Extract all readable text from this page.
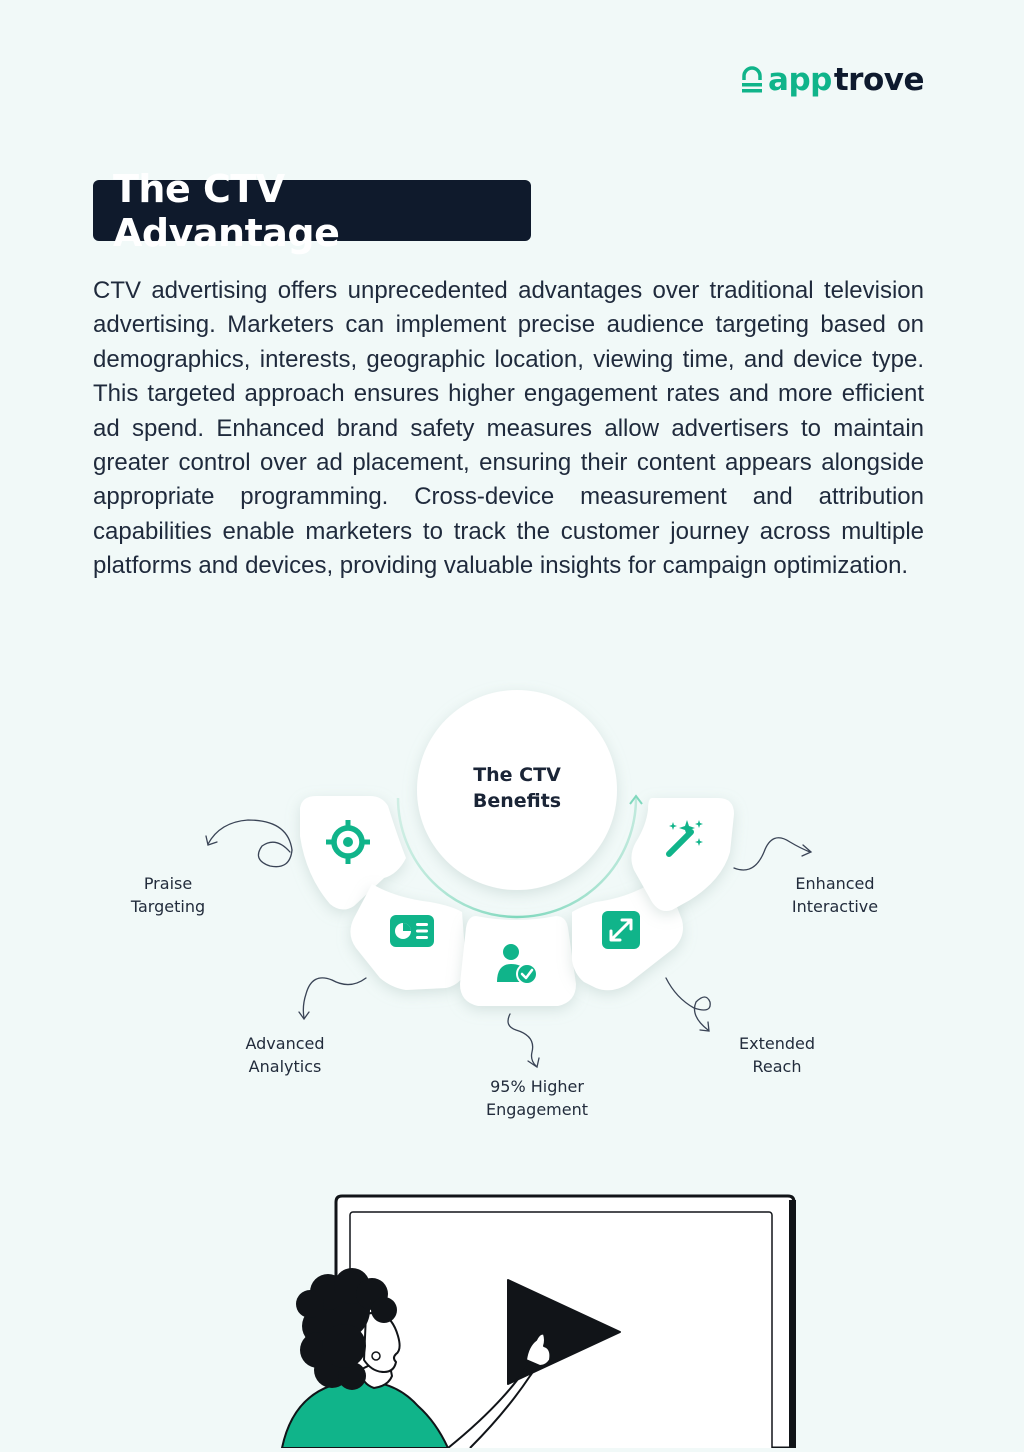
app trove
The CTV Advantage

CTV advertising offers unprecedented advantages over traditional television advertising. Marketers can implement precise audience targeting based on demographics, interests, geographic location, viewing time, and device type. This targeted approach ensures higher engagement rates and more efficient ad spend. Enhanced brand safety measures allow advertisers to maintain greater control over ad placement, ensuring their content appears alongside appropriate programming. Cross-device measurement and attribution capabilities enable marketers to track the customer journey across multiple platforms and devices, providing valuable insights for campaign optimization.

The CTV
Benefits
Praise
Targeting
Advanced
Analytics
95% Higher
Engagement
Extended
Reach
Enhanced
Interactive
